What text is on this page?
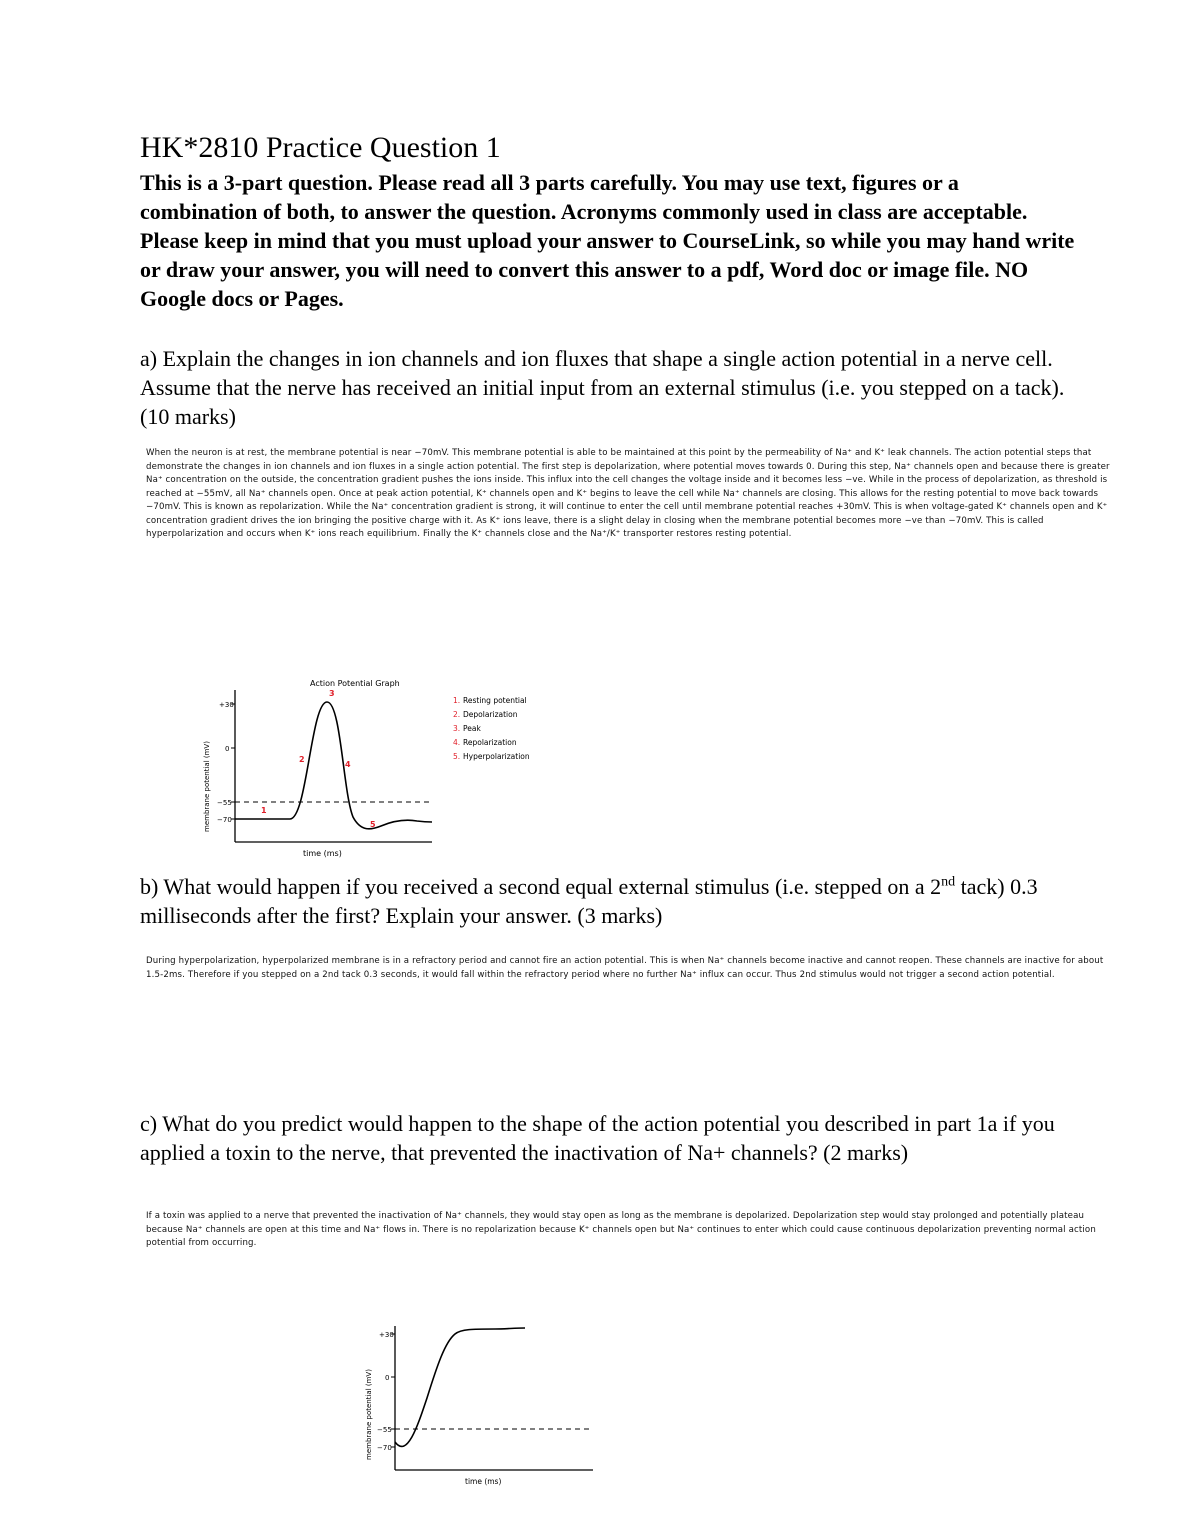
HK*2810 Practice Question 1
This is a 3-part question. Please read all 3 parts carefully. You may use text, figures or a combination of both, to answer the question. Acronyms commonly used in class are acceptable. Please keep in mind that you must upload your answer to CourseLink, so while you may hand write or draw your answer, you will need to convert this answer to a pdf, Word doc or image file. NO Google docs or Pages.
a) Explain the changes in ion channels and ion fluxes that shape a single action potential in a nerve cell. Assume that the nerve has received an initial input from an external stimulus (i.e. you stepped on a tack). (10 marks)
When the neuron is at rest, the membrane potential is near −70mV. This membrane potential is able to be maintained at this point by the permeability of Na⁺ and K⁺ leak channels. The action potential steps that demonstrate the changes in ion channels and ion fluxes in a single action potential. The first step is depolarization, where potential moves towards 0. During this step, Na⁺ channels open and because there is greater Na⁺ concentration on the outside, the concentration gradient pushes the ions inside. This influx into the cell changes the voltage inside and it becomes less −ve. While in the process of depolarization, as threshold is reached at −55mV, all Na⁺ channels open. Once at peak action potential, K⁺ channels open and K⁺ begins to leave the cell while Na⁺ channels are closing. This allows for the resting potential to move back towards −70mV. This is known as repolarization. While the Na⁺ concentration gradient is strong, it will continue to enter the cell until membrane potential reaches +30mV. This is when voltage-gated K⁺ channels open and K⁺ concentration gradient drives the ion bringing the positive charge with it. As K⁺ ions leave, there is a slight delay in closing when the membrane potential becomes more −ve than −70mV. This is called hyperpolarization and occurs when K⁺ ions reach equilibrium. Finally the K⁺ channels close and the Na⁺/K⁺ transporter restores resting potential.
Action Potential Graph
+30
0
−55
−70
membrane potential (mV)
time (ms)
1
2
3
4
5
1. Resting potential
2. Depolarization
3. Peak
4. Repolarization
5. Hyperpolarization
b) What would happen if you received a second equal external stimulus (i.e. stepped on a 2nd tack) 0.3 milliseconds after the first? Explain your answer. (3 marks)
During hyperpolarization, hyperpolarized membrane is in a refractory period and cannot fire an action potential. This is when Na⁺ channels become inactive and cannot reopen. These channels are inactive for about 1.5-2ms. Therefore if you stepped on a 2nd tack 0.3 seconds, it would fall within the refractory period where no further Na⁺ influx can occur. Thus 2nd stimulus would not trigger a second action potential.
c) What do you predict would happen to the shape of the action potential you described in part 1a if you applied a toxin to the nerve, that prevented the inactivation of Na+ channels? (2 marks)
If a toxin was applied to a nerve that prevented the inactivation of Na⁺ channels, they would stay open as long as the membrane is depolarized. Depolarization step would stay prolonged and potentially plateau because Na⁺ channels are open at this time and Na⁺ flows in. There is no repolarization because K⁺ channels open but Na⁺ continues to enter which could cause continuous depolarization preventing normal action potential from occurring.
+30
0
−55
−70
membrane potential (mV)
time (ms)
